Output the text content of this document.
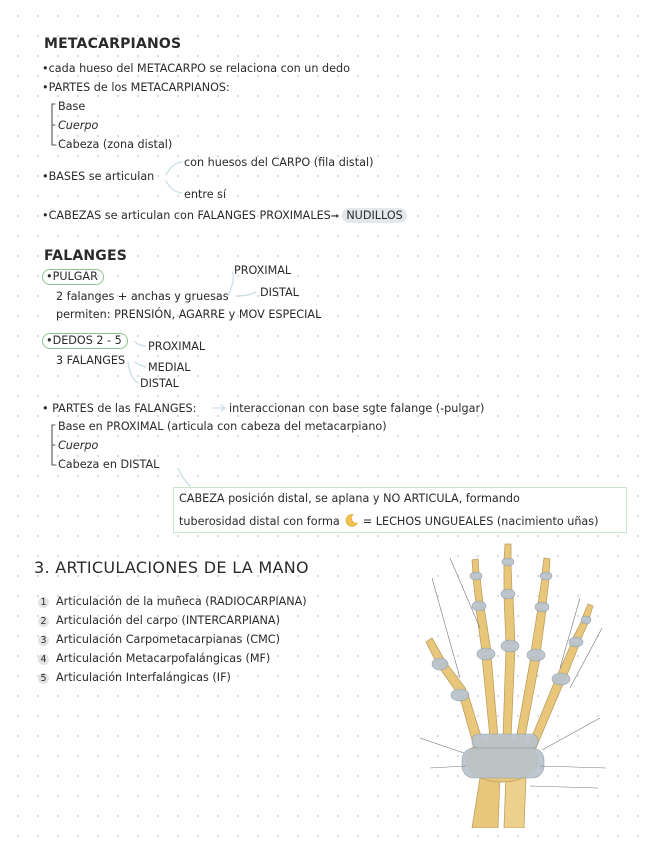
METACARPIANOS
•cada hueso del METACARPO se relaciona con un dedo
•PARTES de los METACARPIANOS:
Base
Cuerpo
Cabeza (zona distal)
•BASES se articulan
con huesos del CARPO (fila distal)
entre sí
•CABEZAS se articulan con FALANGES PROXIMALES➞ NUDILLOS
FALANGES
•PULGAR	PROXIMAL
2 falanges + anchas y gruesas	DISTAL
permiten: PRENSIÓN, AGARRE y MOV ESPECIAL
•DEDOS 2 - 5	PROXIMAL
3 FALANGES
MEDIAL
DISTAL
• PARTES de las FALANGES:	interaccionan con base sgte falange (-pulgar)
Base en PROXIMAL (articula con cabeza del metacarpiano)
Cuerpo
Cabeza en DISTAL
CABEZA posición distal, se aplana y NO ARTICULA, formando
tuberosidad distal con forma = LECHOS UNGUEALES (nacimiento uñas)
3. ARTICULACIONES DE LA MANO
1 Articulación de la muñeca (RADIOCARPIANA)
2 Articulación del carpo (INTERCARPIANA)
3 Articulación Carpometacarpianas (CMC)
4 Articulación Metacarpofalángicas (MF)
5 Articulación Interfalángicas (IF)
